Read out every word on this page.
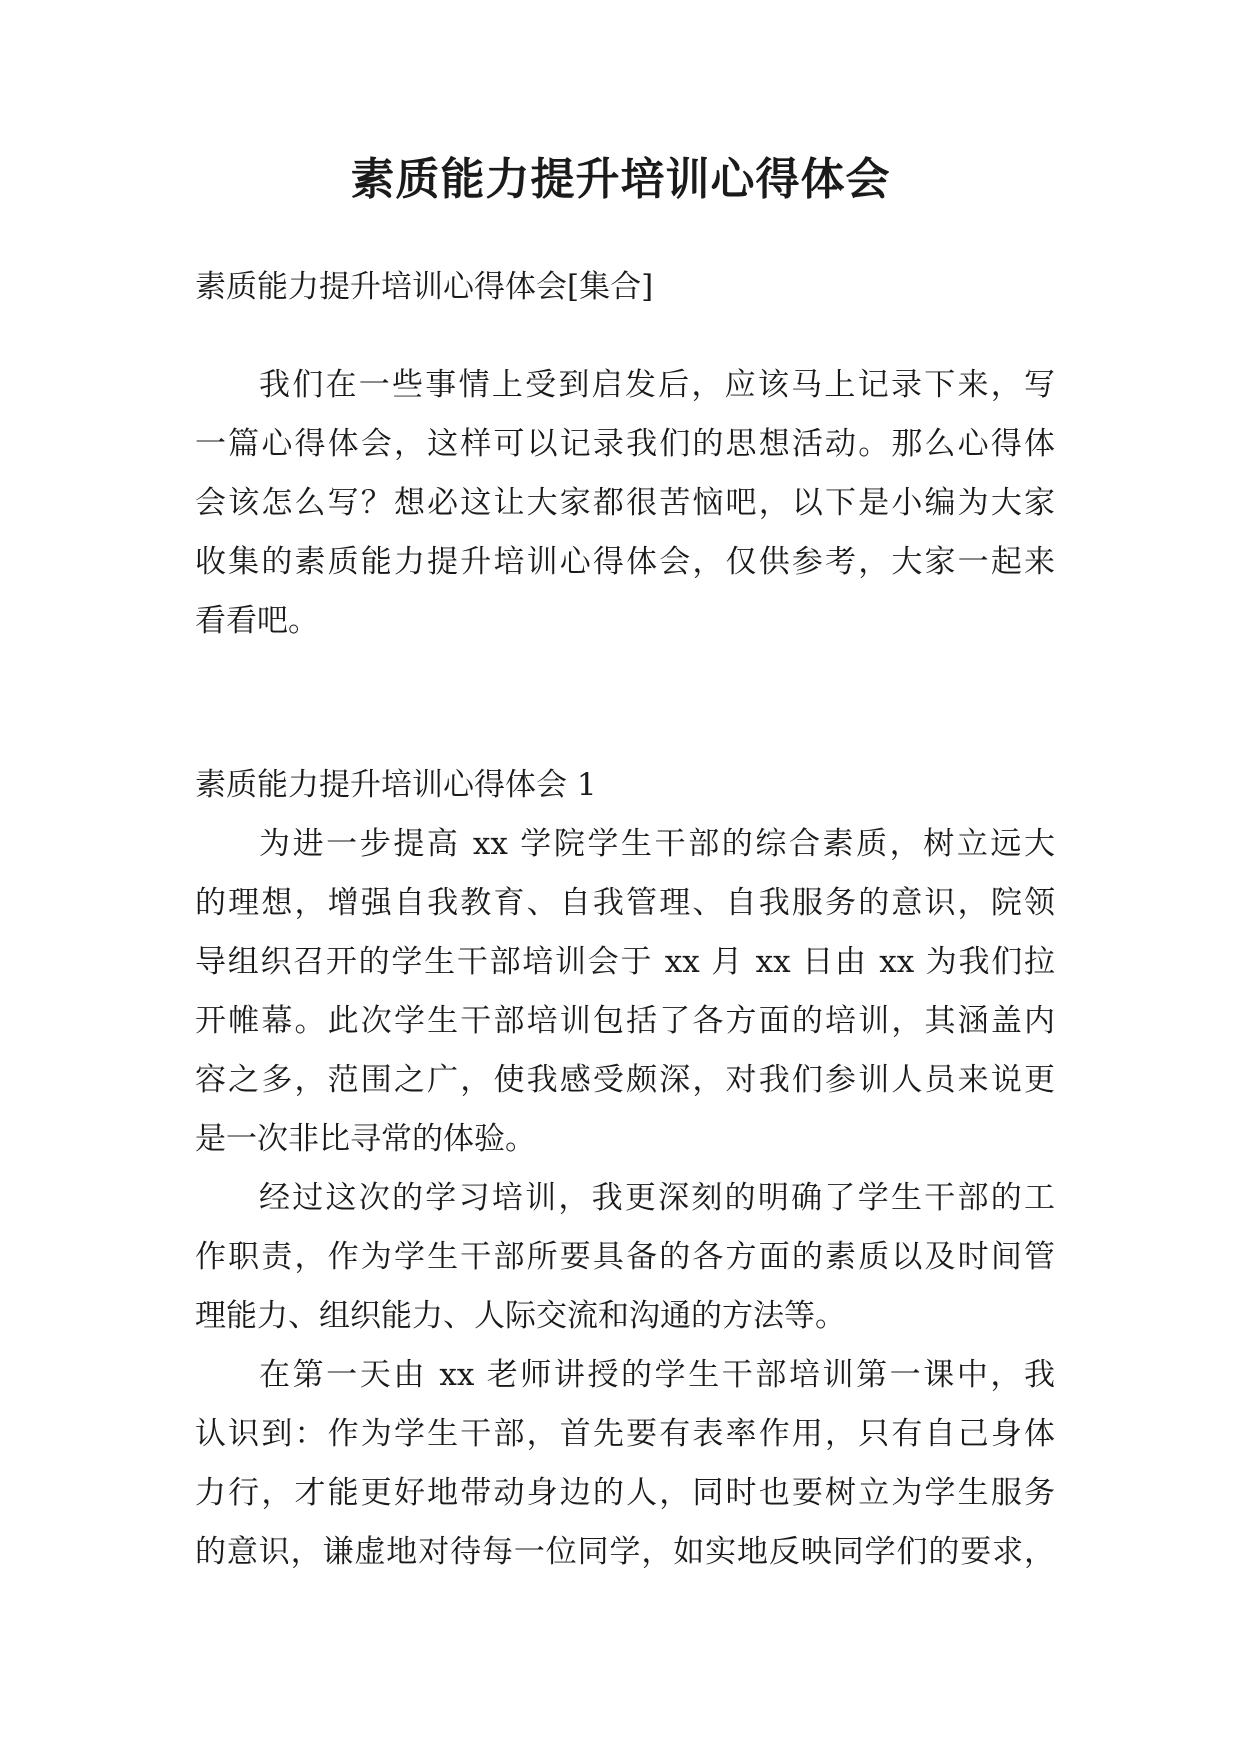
素质能力提升培训心得体会

素质能力提升培训心得体会[集合]

我们在一些事情上受到启发后，应该马上记录下来，写
一篇心得体会，这样可以记录我们的思想活动。那么心得体
会该怎么写？想必这让大家都很苦恼吧，以下是小编为大家
收集的素质能力提升培训心得体会，仅供参考，大家一起来
看看吧。

素质能力提升培训心得体会 1

为进一步提高 xx 学院学生干部的综合素质，树立远大
的理想，增强自我教育、自我管理、自我服务的意识，院领
导组织召开的学生干部培训会于 xx 月 xx 日由 xx 为我们拉
开帷幕。此次学生干部培训包括了各方面的培训，其涵盖内
容之多，范围之广，使我感受颇深，对我们参训人员来说更
是一次非比寻常的体验。
经过这次的学习培训，我更深刻的明确了学生干部的工
作职责，作为学生干部所要具备的各方面的素质以及时间管
理能力、组织能力、人际交流和沟通的方法等。
在第一天由 xx 老师讲授的学生干部培训第一课中，我
认识到：作为学生干部，首先要有表率作用，只有自己身体
力行，才能更好地带动身边的人，同时也要树立为学生服务
的意识，谦虚地对待每一位同学，如实地反映同学们的要求，
